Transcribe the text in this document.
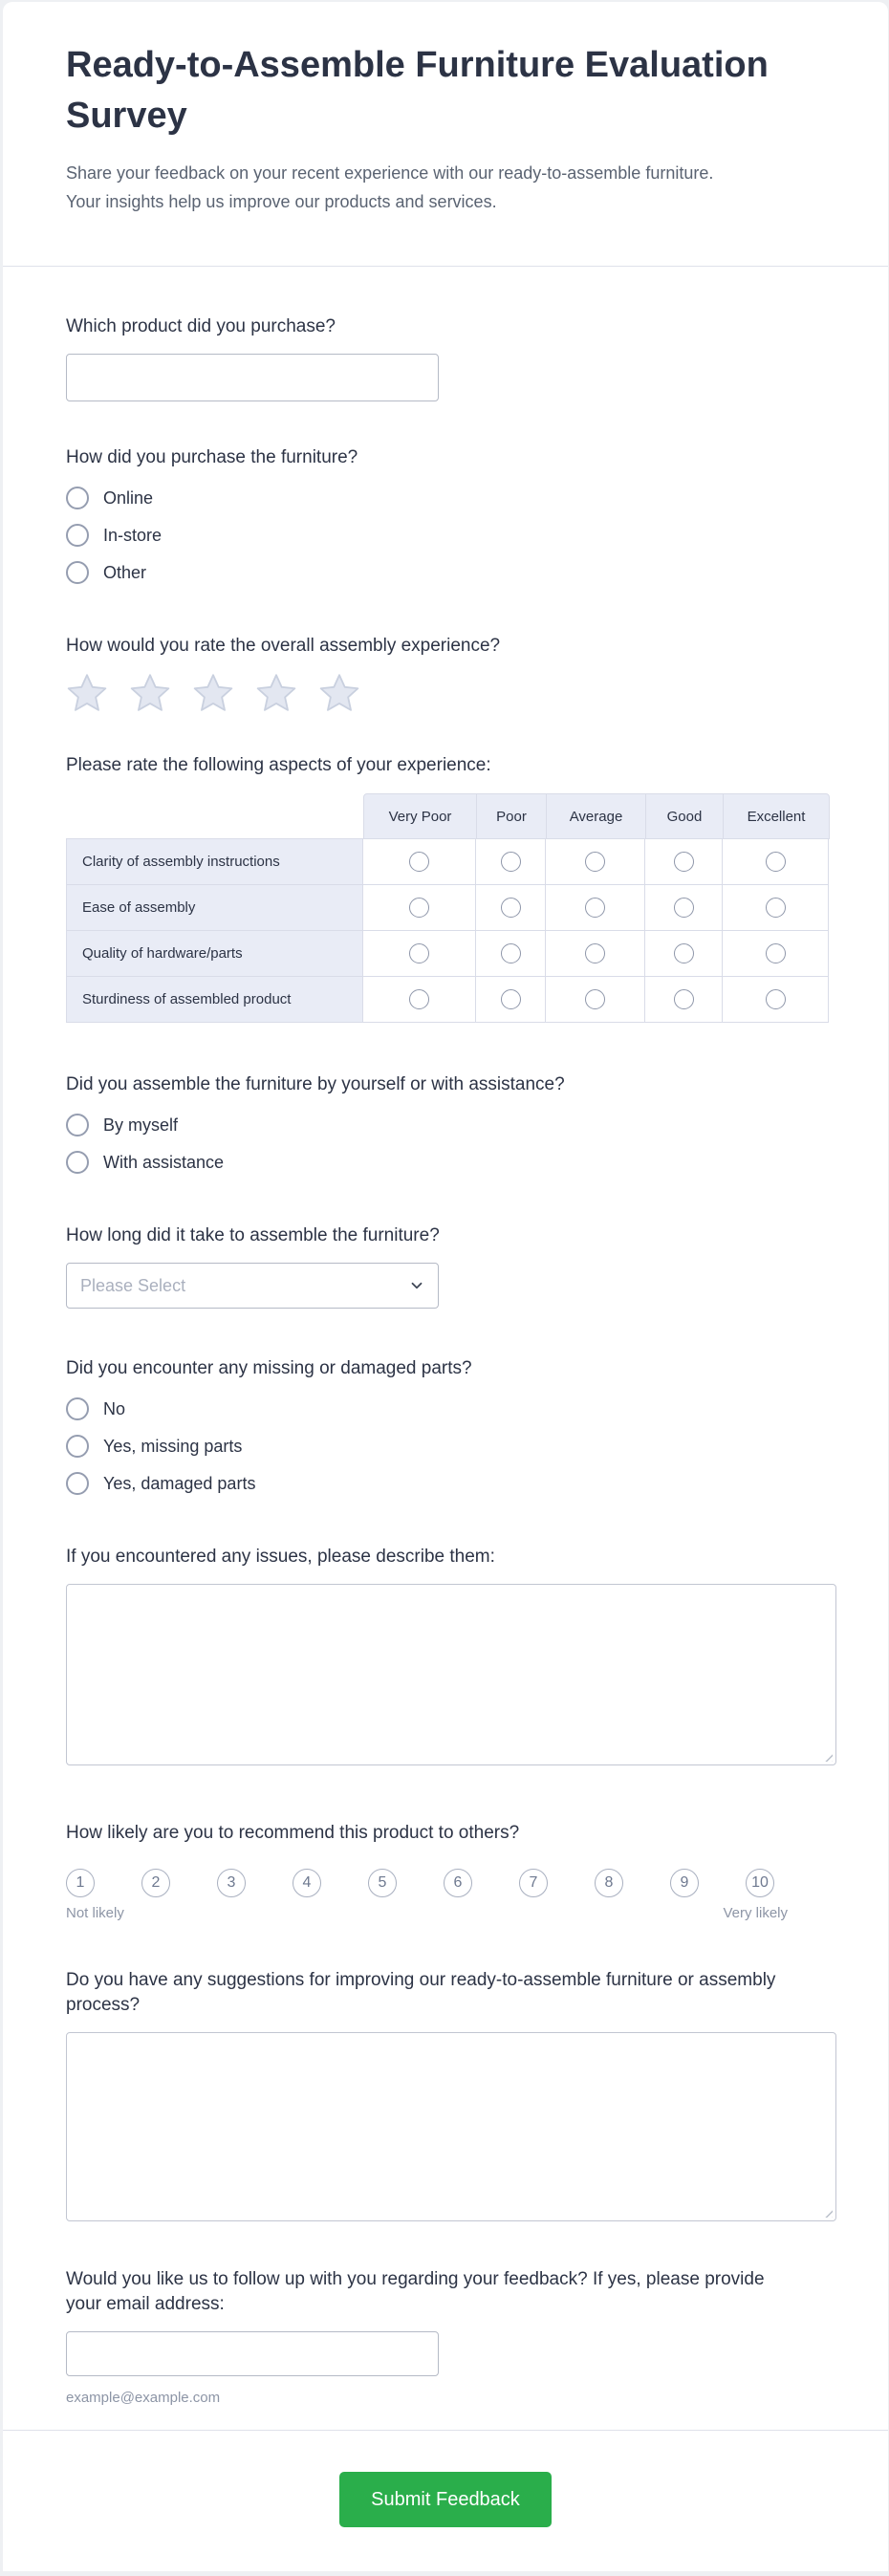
Ready-to-Assemble Furniture Evaluation Survey

Share your feedback on your recent experience with our ready-to-assemble furniture. Your insights help us improve our products and services.

Which product did you purchase?
How did you purchase the furniture?
Online
In-store
Other
How would you rate the overall assembly experience?
Please rate the following aspects of your experience:
Very Poor	Poor	Average	Good	Excellent
Clarity of assembly instructions
Ease of assembly
Quality of hardware/parts
Sturdiness of assembled product
Did you assemble the furniture by yourself or with assistance?
By myself
With assistance
How long did it take to assemble the furniture?
Please Select
Did you encounter any missing or damaged parts?
No
Yes, missing parts
Yes, damaged parts
If you encountered any issues, please describe them:
How likely are you to recommend this product to others?
1	2	3	4	5	6	7	8	9	10
Not likely	Very likely
Do you have any suggestions for improving our ready-to-assemble furniture or assembly process?
Would you like us to follow up with you regarding your feedback? If yes, please provide your email address:
example@example.com
Submit Feedback
